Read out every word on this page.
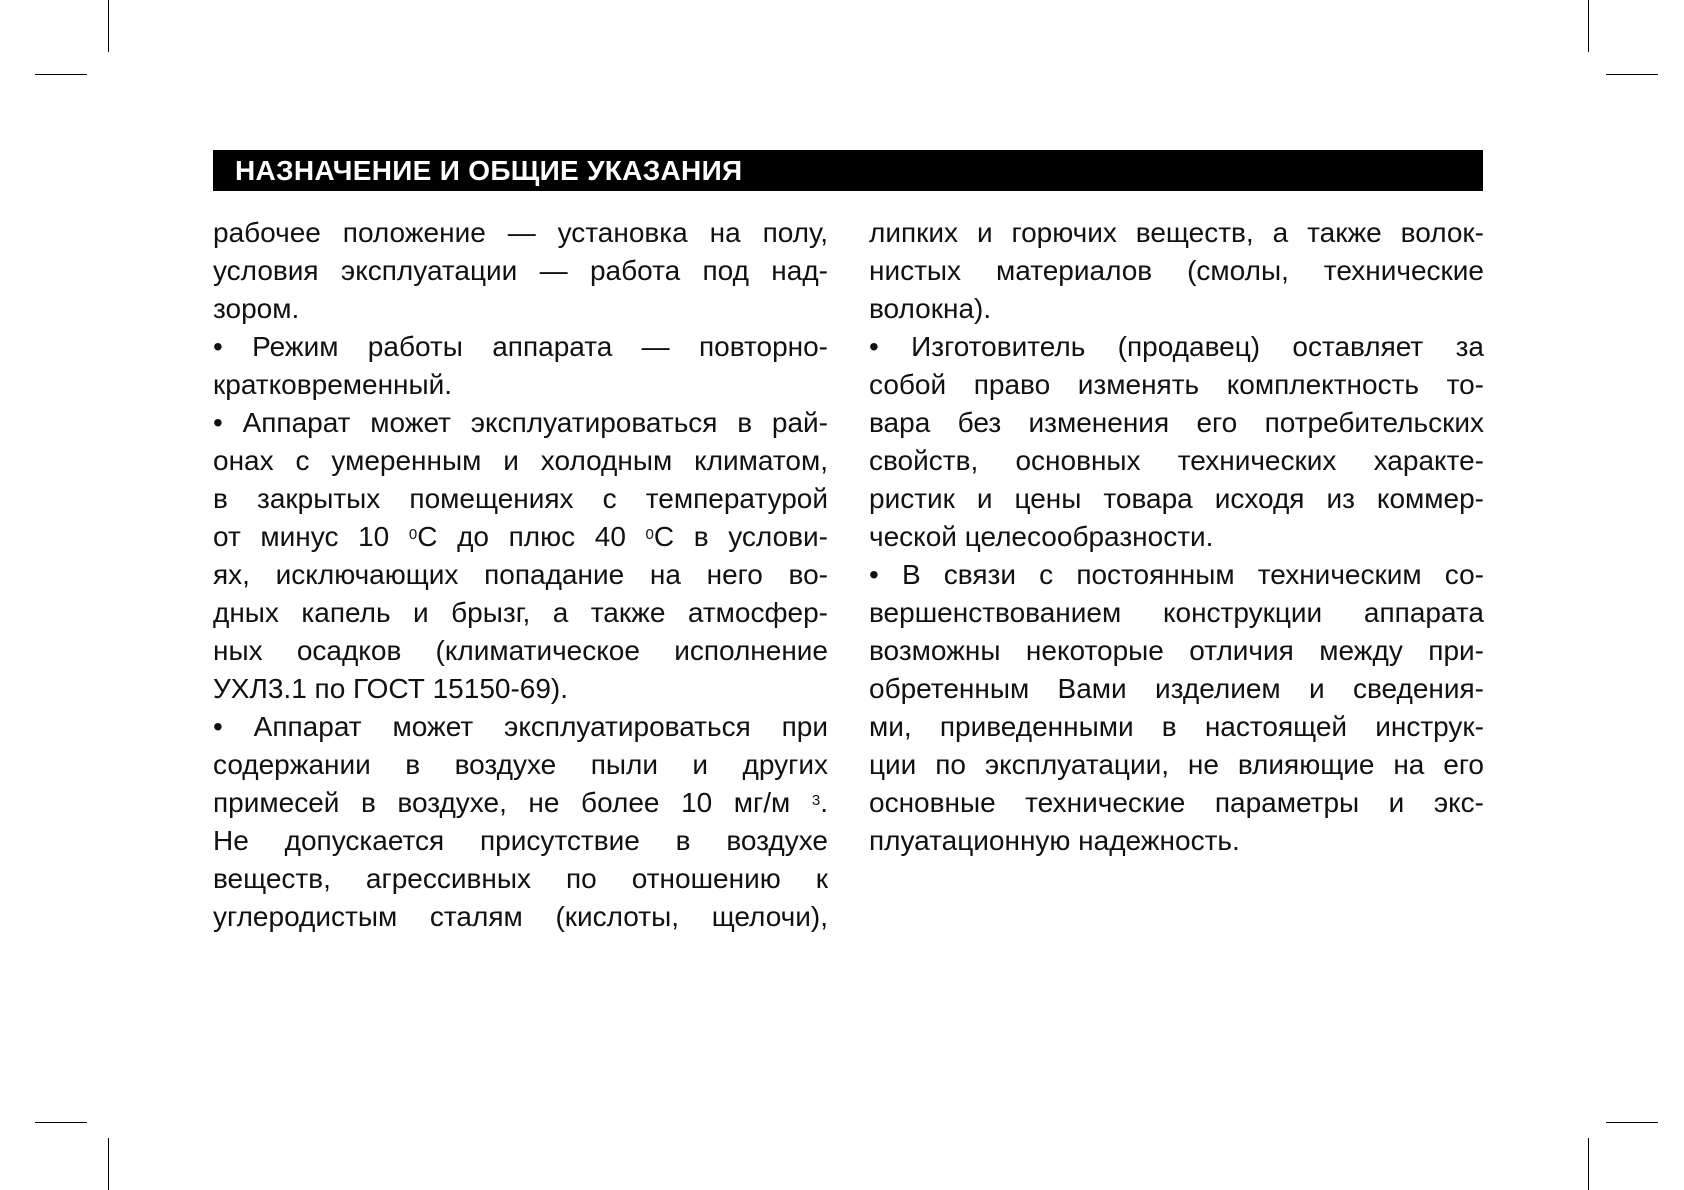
НАЗНАЧЕНИЕ И ОБЩИЕ УКАЗАНИЯ
рабочее положение — установка на полу,
условия эксплуатации — работа под над-
зором.
• Режим работы аппарата — повторно-
кратковременный.
• Аппарат может эксплуатироваться в рай-
онах с умеренным и холодным климатом,
в закрытых помещениях с температурой
от минус 10 $^0$С до плюс 40 $^0$С в услови-
ях, исключающих попадание на него во-
дных капель и брызг, а также атмосфер-
ных осадков (климатическое исполнение
УХЛ3.1 по ГОСТ 15150-69).
• Аппарат может эксплуатироваться при
содержании в воздухе пыли и других
примесей в воздухе, не более 10 мг/м $^3$.
Не допускается присутствие в воздухе
веществ, агрессивных по отношению к
углеродистым сталям (кислоты, щелочи),
липких и горючих веществ, а также волок-
нистых материалов (смолы, технические
волокна).
• Изготовитель (продавец) оставляет за
собой право изменять комплектность то-
вара без изменения его потребительских
свойств, основных технических характе-
ристик и цены товара исходя из коммер-
ческой целесообразности.
• В связи с постоянным техническим со-
вершенствованием конструкции аппарата
возможны некоторые отличия между при-
обретенным Вами изделием и сведения-
ми, приведенными в настоящей инструк-
ции по эксплуатации, не влияющие на его
основные технические параметры и экс-
плуатационную надежность.
